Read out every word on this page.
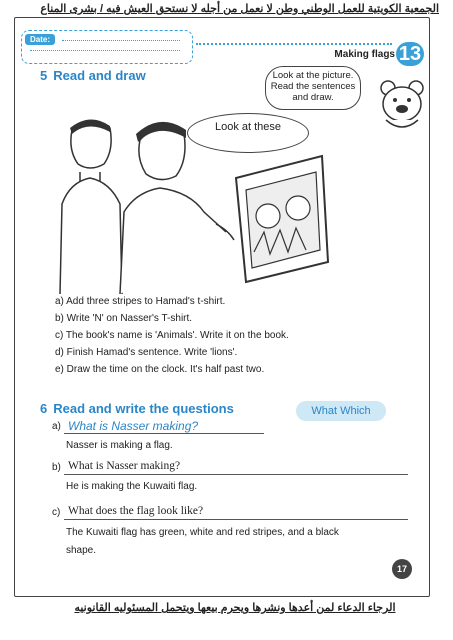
الجمعية الكويتية للعمل الوطني وطن لا نعمل من أجله لا نستحق العيش فيه / بشرى المناع
Date:
Making flags 13
5 Read and draw	Look at the picture. Read the sentences and draw.
Look at these
a) Add three stripes to Hamad's t-shirt.
b) Write 'N' on Nasser's T-shirt.
c) The book's name is 'Animals'. Write it on the book.
d) Finish Hamad's sentence. Write 'lions'.
e) Draw the time on the clock. It's half past two.
6 Read and write the questions	What Which
a) What is Nasser making?
Nasser is making a flag.
b) What is Nasser making?
He is making the Kuwaiti flag.
c) What does the flag look like?
The Kuwaiti flag has green, white and red stripes, and a black
shape.
17
الرجاء الدعاء لمن أعدها ونشرها ويحرم بيعها ويتحمل المسئوليه القانونيه
